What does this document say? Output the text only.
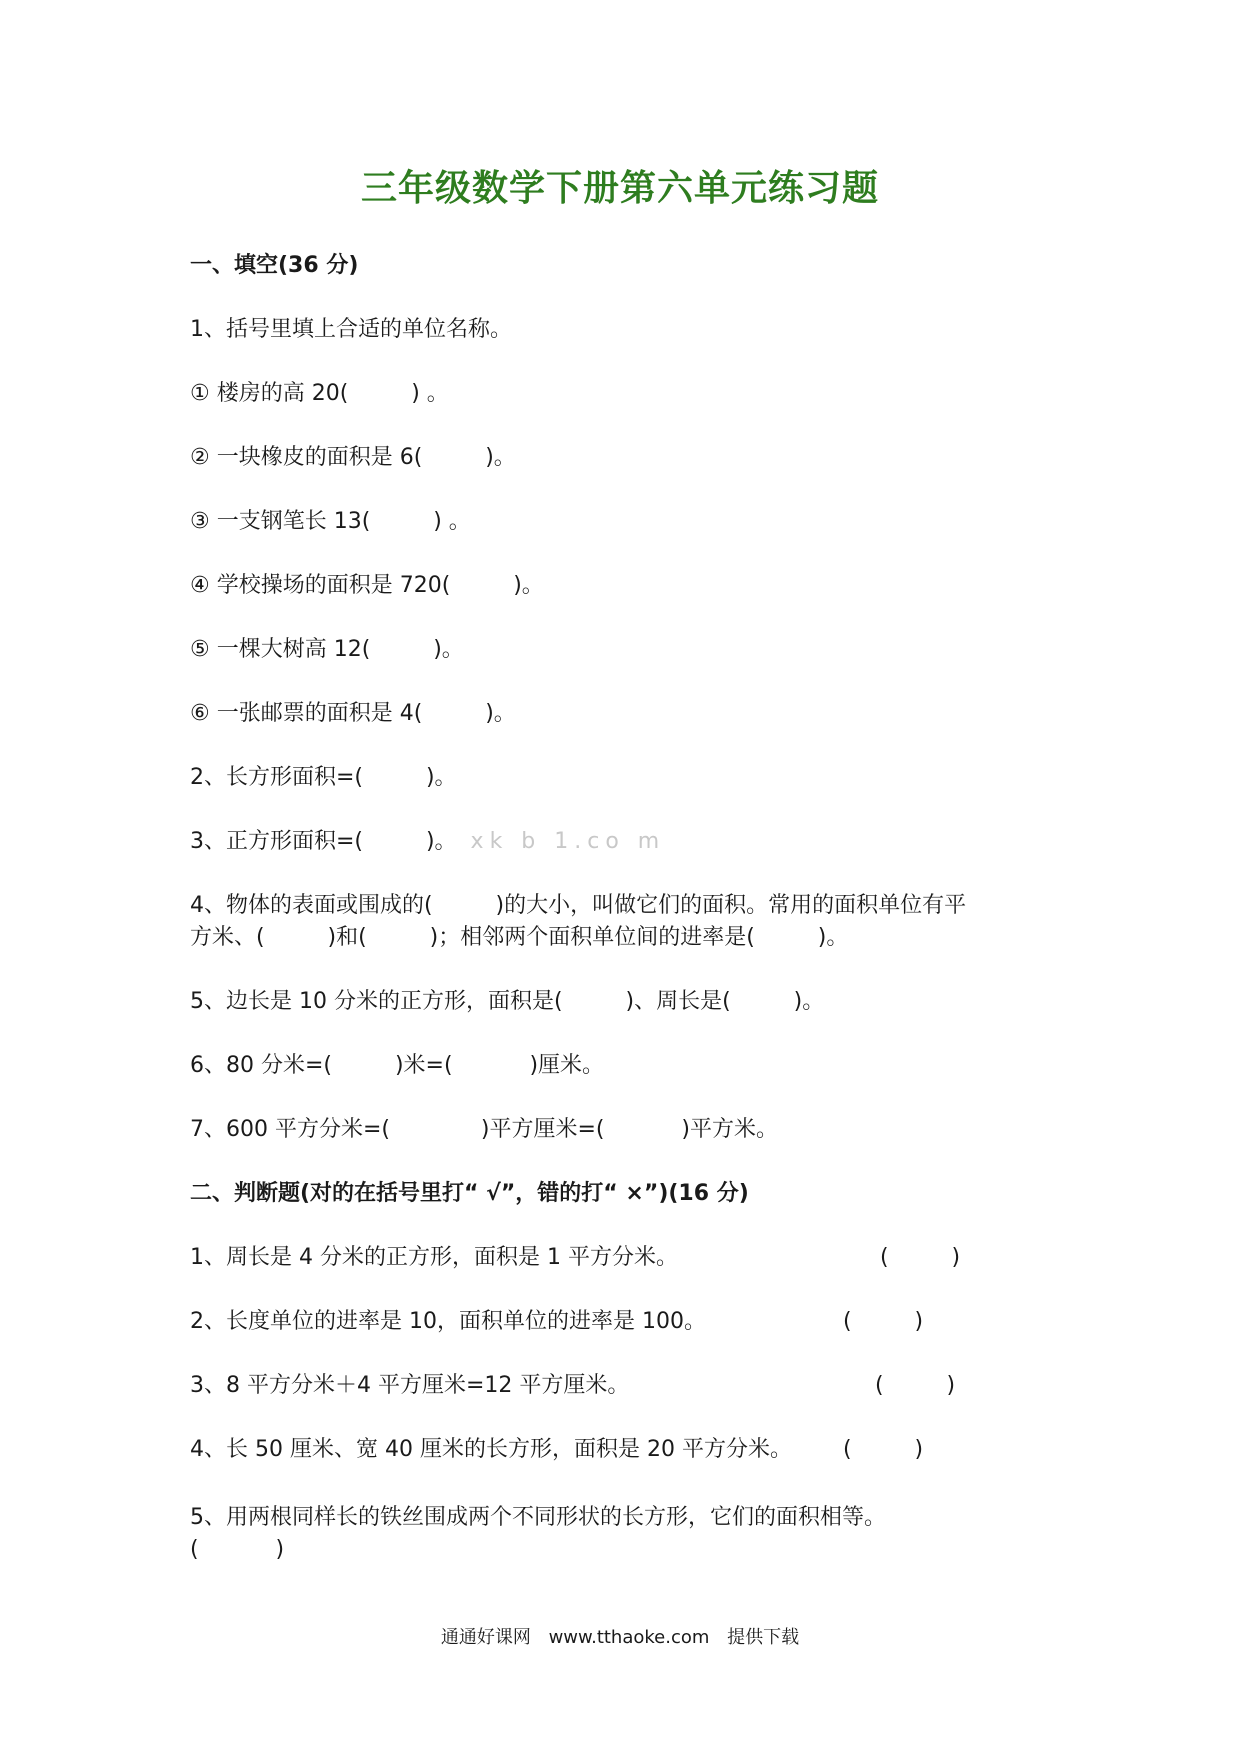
三年级数学下册第六单元练习题
一、填空(36 分)
1、括号里填上合适的单位名称。
① 楼房的高 20(         ) 。
② 一块橡皮的面积是 6(         )。
③ 一支钢笔长 13(         ) 。
④ 学校操场的面积是 720(         )。
⑤ 一棵大树高 12(         )。
⑥ 一张邮票的面积是 4(         )。
2、长方形面积=(         )。
3、正方形面积=(         )。 xk b 1.co m
4、物体的表面或围成的(         )的大小，叫做它们的面积。常用的面积单位有平
方米、(         )和(         )；相邻两个面积单位间的进率是(         )。
5、边长是 10 分米的正方形，面积是(         )、周长是(         )。
6、80 分米=(         )米=(           )厘米。
7、600 平方分米=(             )平方厘米=(           )平方米。
二、判断题(对的在括号里打“ √”，错的打“ ×”)(16 分)
1、周长是 4 分米的正方形，面积是 1 平方分米。	(         )
2、长度单位的进率是 10，面积单位的进率是 100。	(         )
3、8 平方分米＋4 平方厘米=12 平方厘米。	(         )
4、长 50 厘米、宽 40 厘米的长方形，面积是 20 平方分米。 (         )
5、用两根同样长的铁丝围成两个不同形状的长方形，它们的面积相等。
(           )
通通好课网 www.tthaoke.com 提供下载
